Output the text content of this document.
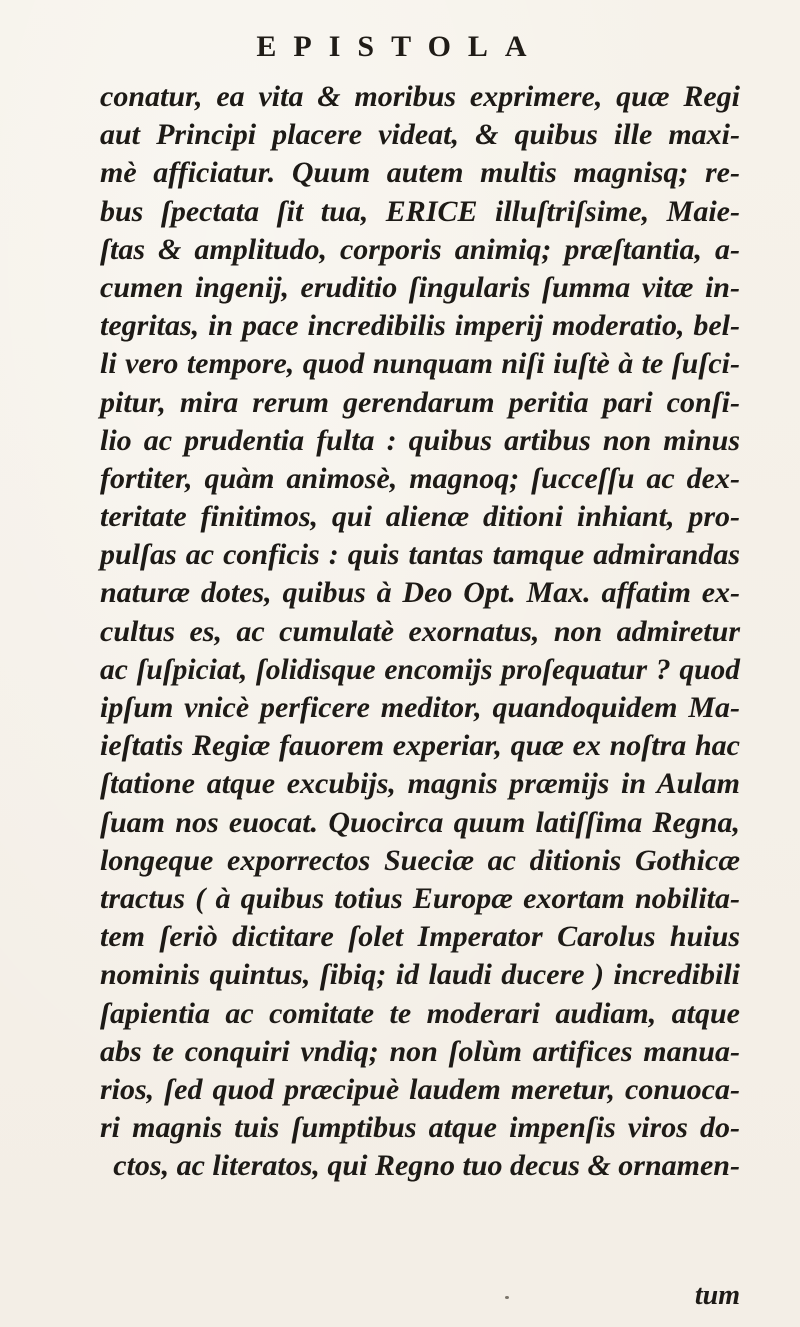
EPISTOLA
conatur, ea vita & moribus exprimere, quæ Regi
aut Principi placere videat, & quibus ille maxi-
mè afficiatur. Quum autem multis magnisq; re-
bus ſpectata ſit tua, ERICE illuſtriſsime, Maie-
ſtas & amplitudo, corporis animiq; præſtantia, a-
cumen ingenij, eruditio ſingularis ſumma vitæ in-
tegritas, in pace incredibilis imperij moderatio, bel-
li vero tempore, quod nunquam niſi iuſtè à te ſuſci-
pitur, mira rerum gerendarum peritia pari conſi-
lio ac prudentia fulta : quibus artibus non minus
fortiter, quàm animosè, magnoq; ſucceſſu ac dex-
teritate finitimos, qui alienæ ditioni inhiant, pro-
pulſas ac conficis : quis tantas tamque admirandas
naturæ dotes, quibus à Deo Opt. Max. affatim ex-
cultus es, ac cumulatè exornatus, non admiretur
ac ſuſpiciat, ſolidisque encomijs proſequatur ? quod
ipſum vnicè perficere meditor, quandoquidem Ma-
ieſtatis Regiæ fauorem experiar, quæ ex noſtra hac
ſtatione atque excubijs, magnis præmijs in Aulam
ſuam nos euocat. Quocirca quum latiſſima Regna,
longeque exporrectos Sueciæ ac ditionis Gothicæ
tractus ( à quibus totius Europæ exortam nobilita-
tem ſeriò dictitare ſolet Imperator Carolus huius
nominis quintus, ſibiq; id laudi ducere ) incredibili
ſapientia ac comitate te moderari audiam, atque
abs te conquiri vndiq; non ſolùm artifices manua-
rios, ſed quod præcipuè laudem meretur, conuoca-
ri magnis tuis ſumptibus atque impenſis viros do-
ctos, ac literatos, qui Regno tuo decus & ornamen-
tum
